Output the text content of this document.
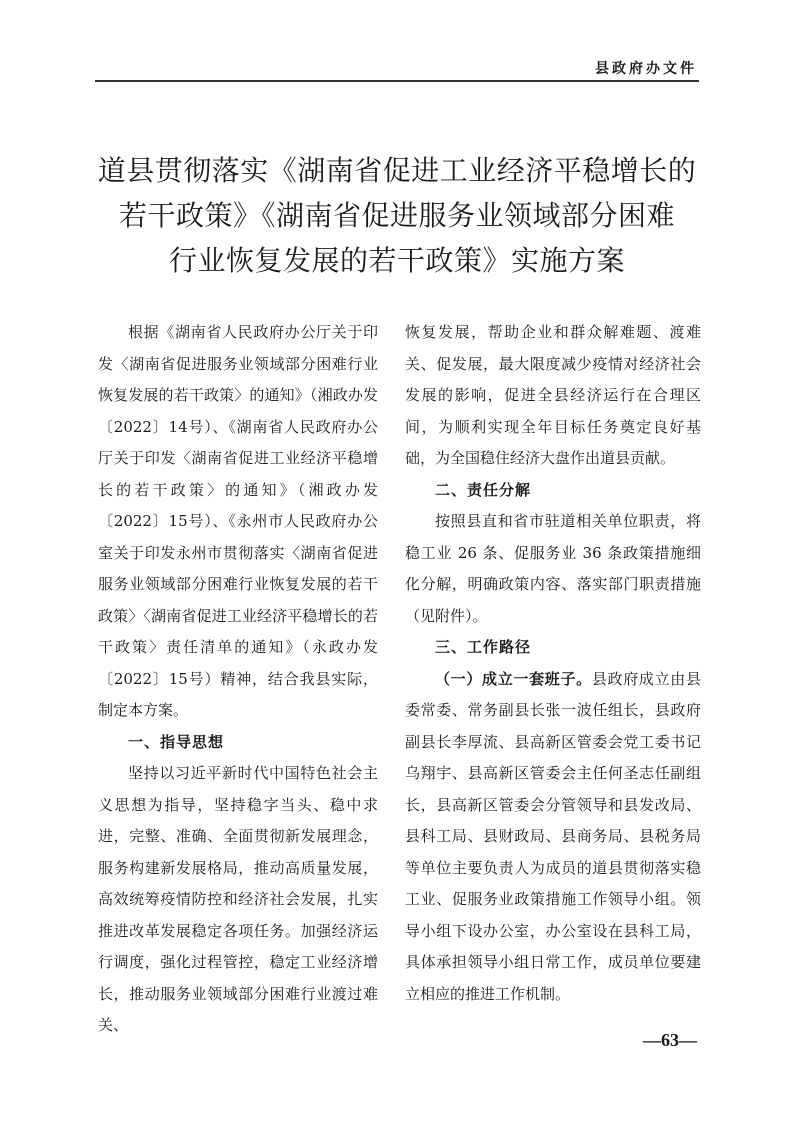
县政府办文件
道县贯彻落实《湖南省促进工业经济平稳增长的
若干政策》《湖南省促进服务业领域部分困难
行业恢复发展的若干政策》实施方案

根据《湖南省人民政府办公厅关于印发〈湖南省促进服务业领域部分困难行业恢复发展的若干政策〉的通知》（湘政办发〔2022〕14号）、《湖南省人民政府办公厅关于印发〈湖南省促进工业经济平稳增长的若干政策〉的通知》（湘政办发〔2022〕15号）、《永州市人民政府办公室关于印发永州市贯彻落实〈湖南省促进服务业领域部分困难行业恢复发展的若干政策〉〈湖南省促进工业经济平稳增长的若干政策〉责任清单的通知》（永政办发〔2022〕15号）精神，结合我县实际，制定本方案。

一、指导思想

坚持以习近平新时代中国特色社会主义思想为指导，坚持稳字当头、稳中求进，完整、准确、全面贯彻新发展理念，服务构建新发展格局，推动高质量发展，高效统筹疫情防控和经济社会发展，扎实推进改革发展稳定各项任务。加强经济运行调度，强化过程管控，稳定工业经济增长，推动服务业领域部分困难行业渡过难关、

恢复发展，帮助企业和群众解难题、渡难关、促发展，最大限度减少疫情对经济社会发展的影响，促进全县经济运行在合理区间，为顺利实现全年目标任务奠定良好基础，为全国稳住经济大盘作出道县贡献。

二、责任分解

按照县直和省市驻道相关单位职责，将稳工业 26 条、促服务业 36 条政策措施细化分解，明确政策内容、落实部门职责措施（见附件）。

三、工作路径

（一）成立一套班子。县政府成立由县委常委、常务副县长张一波任组长，县政府副县长李厚流、县高新区管委会党工委书记乌翔宇、县高新区管委会主任何圣志任副组长，县高新区管委会分管领导和县发改局、县科工局、县财政局、县商务局、县税务局等单位主要负责人为成员的道县贯彻落实稳工业、促服务业政策措施工作领导小组。领导小组下设办公室，办公室设在县科工局，具体承担领导小组日常工作，成员单位要建立相应的推进工作机制。

—63—
